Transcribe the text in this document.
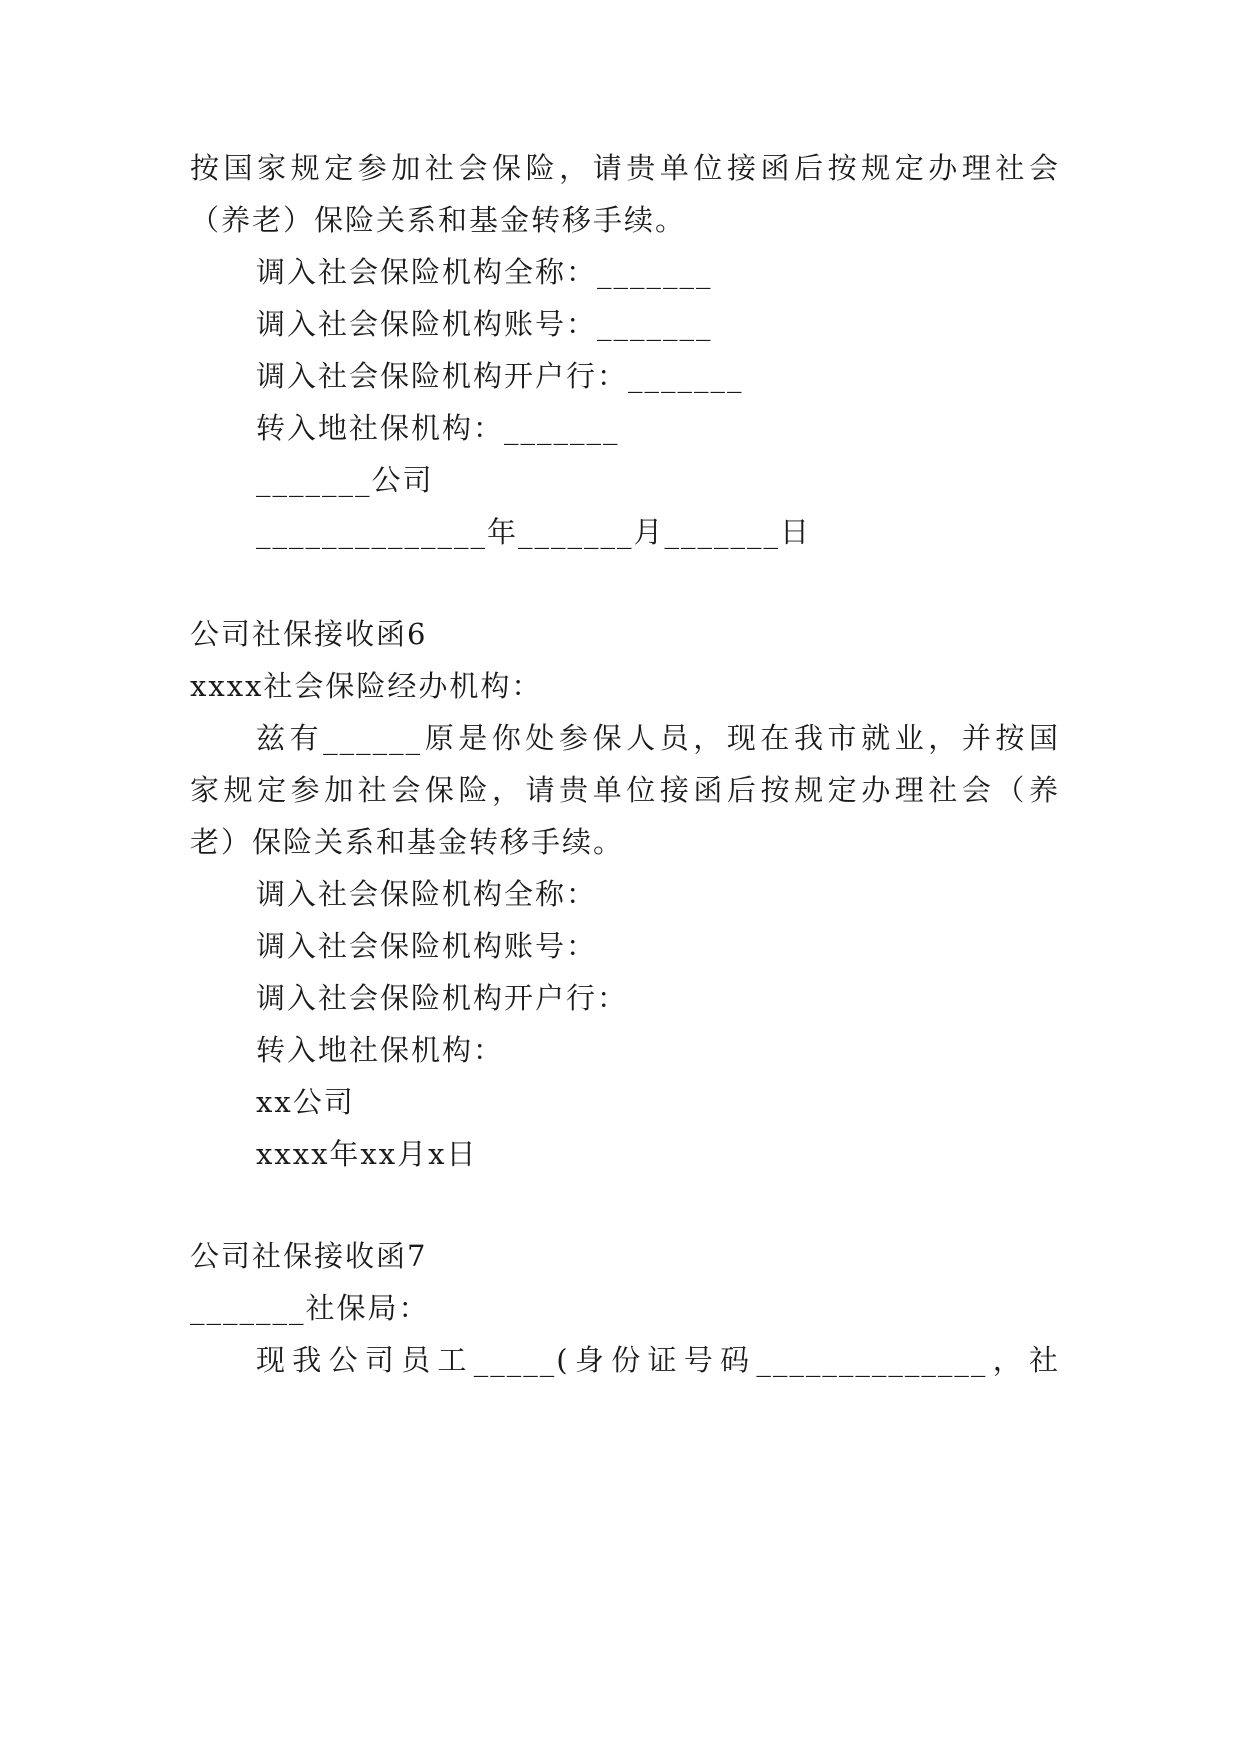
按国家规定参加社会保险，请贵单位接函后按规定办理社会
（养老）保险关系和基金转移手续。
调入社会保险机构全称：_______
调入社会保险机构账号：_______
调入社会保险机构开户行：_______
转入地社保机构：_______
_______公司
______________年_______月_______日
公司社保接收函6
xxxx社会保险经办机构：
兹有______原是你处参保人员，现在我市就业，并按国
家规定参加社会保险，请贵单位接函后按规定办理社会（养
老）保险关系和基金转移手续。
调入社会保险机构全称：
调入社会保险机构账号：
调入社会保险机构开户行：
转入地社保机构：
xx公司
xxxx年xx月x日
公司社保接收函7
_______社保局：
现我公司员工_____(身份证号码______________，社
